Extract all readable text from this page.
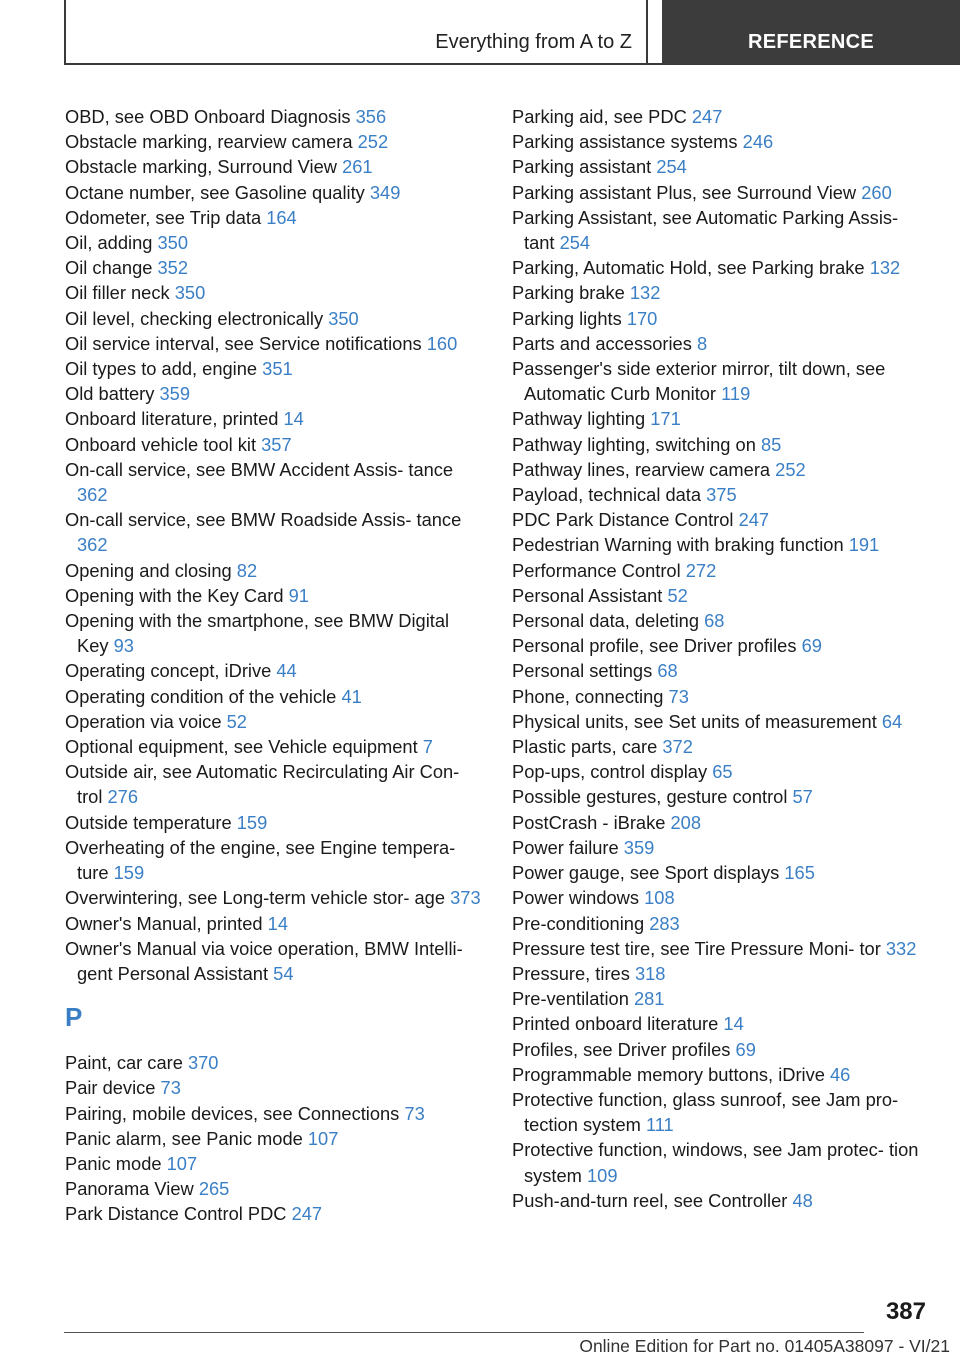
Everything from A to Z	REFERENCE
OBD, see OBD Onboard Diagnosis 356
Obstacle marking, rearview camera 252
Obstacle marking, Surround View 261
Octane number, see Gasoline quality 349
Odometer, see Trip data 164
Oil, adding 350
Oil change 352
Oil filler neck 350
Oil level, checking electronically 350
Oil service interval, see Service notifications 160
Oil types to add, engine 351
Old battery 359
Onboard literature, printed 14
Onboard vehicle tool kit 357
On-call service, see BMW Accident Assis‐ tance 362
On-call service, see BMW Roadside Assis‐ tance 362
Opening and closing 82
Opening with the Key Card 91
Opening with the smartphone, see BMW Digital Key 93
Operating concept, iDrive 44
Operating condition of the vehicle 41
Operation via voice 52
Optional equipment, see Vehicle equipment 7
Outside air, see Automatic Recirculating Air Con‐ trol 276
Outside temperature 159
Overheating of the engine, see Engine tempera‐ ture 159
Overwintering, see Long-term vehicle stor‐ age 373
Owner's Manual, printed 14
Owner's Manual via voice operation, BMW Intelli‐ gent Personal Assistant 54
P
Paint, car care 370
Pair device 73
Pairing, mobile devices, see Connections 73
Panic alarm, see Panic mode 107
Panic mode 107
Panorama View 265
Park Distance Control PDC 247
Parking aid, see PDC 247
Parking assistance systems 246
Parking assistant 254
Parking assistant Plus, see Surround View 260
Parking Assistant, see Automatic Parking Assis‐ tant 254
Parking, Automatic Hold, see Parking brake 132
Parking brake 132
Parking lights 170
Parts and accessories 8
Passenger's side exterior mirror, tilt down, see Automatic Curb Monitor 119
Pathway lighting 171
Pathway lighting, switching on 85
Pathway lines, rearview camera 252
Payload, technical data 375
PDC Park Distance Control 247
Pedestrian Warning with braking function 191
Performance Control 272
Personal Assistant 52
Personal data, deleting 68
Personal profile, see Driver profiles 69
Personal settings 68
Phone, connecting 73
Physical units, see Set units of measurement 64
Plastic parts, care 372
Pop-ups, control display 65
Possible gestures, gesture control 57
PostCrash - iBrake 208
Power failure 359
Power gauge, see Sport displays 165
Power windows 108
Pre-conditioning 283
Pressure test tire, see Tire Pressure Moni‐ tor 332
Pressure, tires 318
Pre-ventilation 281
Printed onboard literature 14
Profiles, see Driver profiles 69
Programmable memory buttons, iDrive 46
Protective function, glass sunroof, see Jam pro‐ tection system 111
Protective function, windows, see Jam protec‐ tion system 109
Push-and-turn reel, see Controller 48
387
Online Edition for Part no. 01405A38097 - VI/21
